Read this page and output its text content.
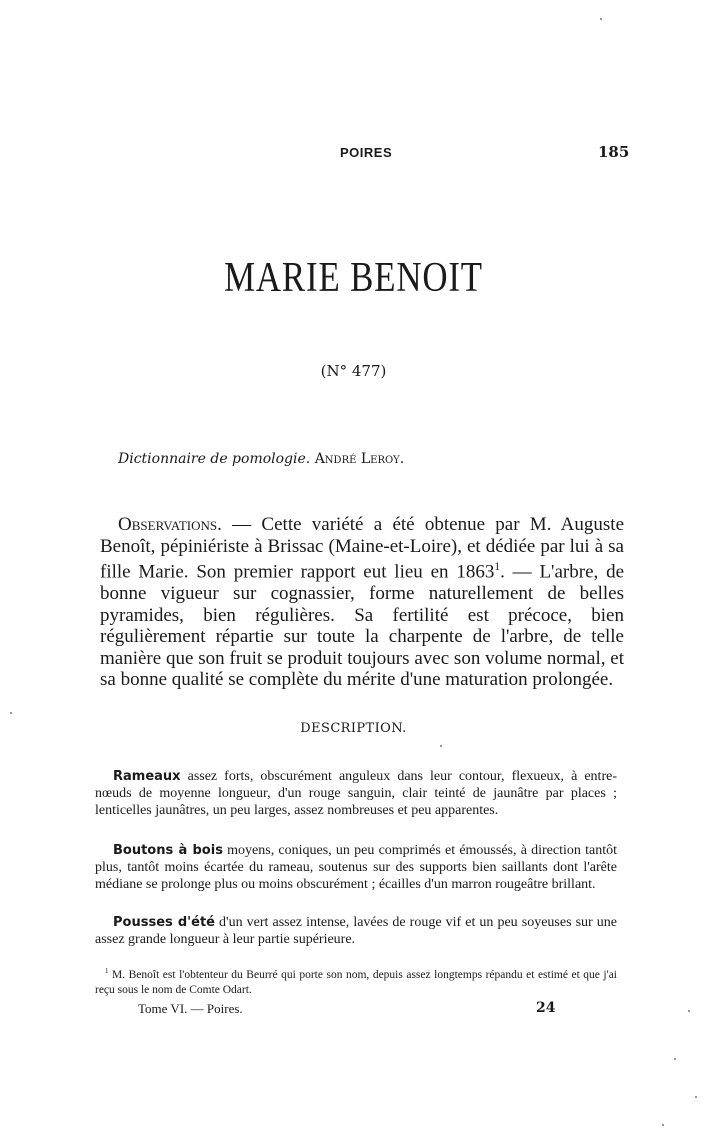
POIRES	185
MARIE BENOIT
(N° 477)
Dictionnaire de pomologie. André Leroy.

Observations. — Cette variété a été obtenue par M. Auguste Benoît, pépiniériste à Brissac (Maine-et-Loire), et dédiée par lui à sa fille Marie. Son premier rapport eut lieu en 1863$^1$. — L'arbre, de bonne vigueur sur cognassier, forme naturellement de belles pyramides, bien régulières. Sa fertilité est précoce, bien régulièrement répartie sur toute la charpente de l'arbre, de telle manière que son fruit se produit toujours avec son volume normal, et sa bonne qualité se complète du mérite d'une maturation prolongée.

DESCRIPTION.

Rameaux assez forts, obscurément anguleux dans leur contour, flexueux, à entre-nœuds de moyenne longueur, d'un rouge sanguin, clair teinté de jaunâtre par places ; lenticelles jaunâtres, un peu larges, assez nombreuses et peu apparentes.

Boutons à bois moyens, coniques, un peu comprimés et émoussés, à direction tantôt plus, tantôt moins écartée du rameau, soutenus sur des supports bien saillants dont l'arête médiane se prolonge plus ou moins obscurément ; écailles d'un marron rougeâtre brillant.

Pousses d'été d'un vert assez intense, lavées de rouge vif et un peu soyeuses sur une assez grande longueur à leur partie supérieure.

$^1$ M. Benoît est l'obtenteur du Beurré qui porte son nom, depuis assez longtemps répandu et estimé et que j'ai reçu sous le nom de Comte Odart.

Tome VI. — Poires.	24
